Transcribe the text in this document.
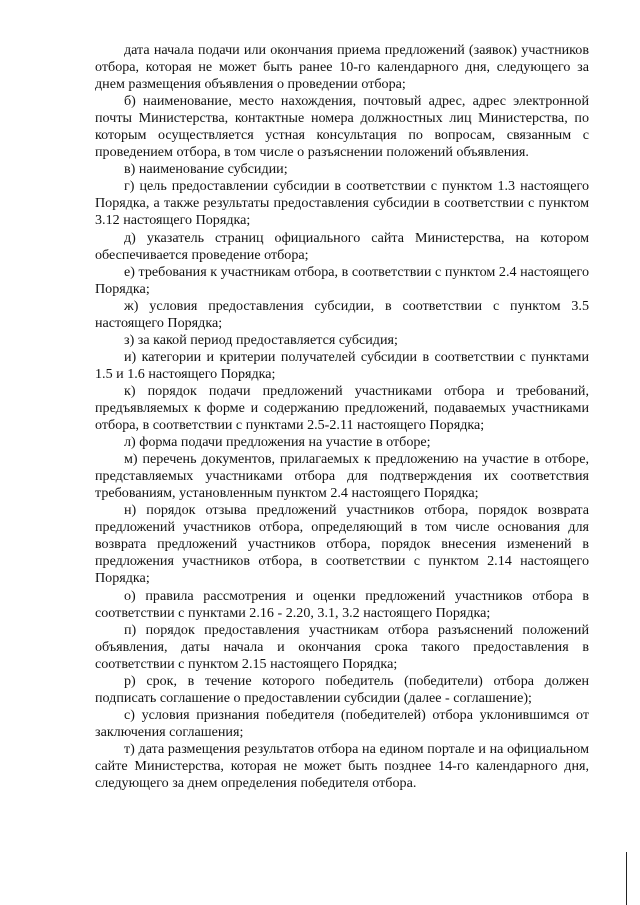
дата начала подачи или окончания приема предложений (заявок) участников отбора, которая не может быть ранее 10-го календарного дня, следующего за днем размещения объявления о проведении отбора;

б) наименование, место нахождения, почтовый адрес, адрес электронной почты Министерства, контактные номера должностных лиц Министерства, по которым осуществляется устная консультация по вопросам, связанным с проведением отбора, в том числе о разъяснении положений объявления.

в) наименование субсидии;

г) цель предоставлении субсидии в соответствии с пунктом 1.3 настоящего Порядка, а также результаты предоставления субсидии в соответствии с пунктом 3.12 настоящего Порядка;

д) указатель страниц официального сайта Министерства, на котором обеспечивается проведение отбора;

е) требования к участникам отбора, в соответствии с пунктом 2.4 настоящего Порядка;

ж) условия предоставления субсидии, в соответствии с пунктом 3.5 настоящего Порядка;

з) за какой период предоставляется субсидия;

и) категории и критерии получателей субсидии в соответствии с пунктами 1.5 и 1.6 настоящего Порядка;

к) порядок подачи предложений участниками отбора и требований, предъявляемых к форме и содержанию предложений, подаваемых участниками отбора, в соответствии с пунктами 2.5-2.11 настоящего Порядка;

л) форма подачи предложения на участие в отборе;

м) перечень документов, прилагаемых к предложению на участие в отборе, представляемых участниками отбора для подтверждения их соответствия требованиям, установленным пунктом 2.4 настоящего Порядка;

н) порядок отзыва предложений участников отбора, порядок возврата предложений участников отбора, определяющий в том числе основания для возврата предложений участников отбора, порядок внесения изменений в предложения участников отбора, в соответствии с пунктом 2.14 настоящего Порядка;

о) правила рассмотрения и оценки предложений участников отбора в соответствии с пунктами 2.16 - 2.20, 3.1, 3.2 настоящего Порядка;

п) порядок предоставления участникам отбора разъяснений положений объявления, даты начала и окончания срока такого предоставления в соответствии с пунктом 2.15 настоящего Порядка;

р) срок, в течение которого победитель (победители) отбора должен подписать соглашение о предоставлении субсидии (далее - соглашение);

с) условия признания победителя (победителей) отбора уклонившимся от заключения соглашения;

т) дата размещения результатов отбора на едином портале и на официальном сайте Министерства, которая не может быть позднее 14-го календарного дня, следующего за днем определения победителя отбора.
